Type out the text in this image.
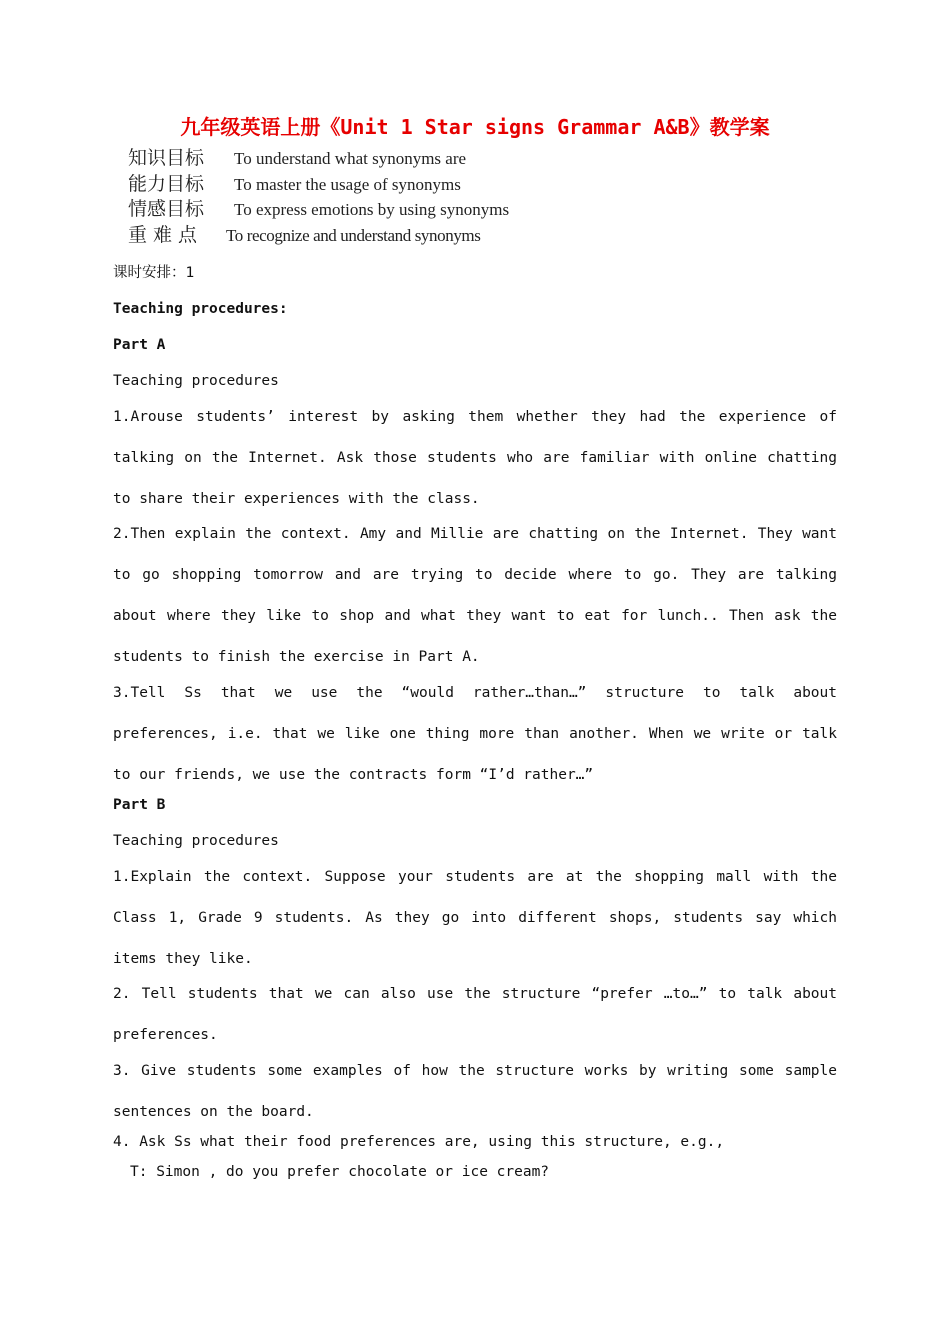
九年级英语上册《Unit 1 Star signs Grammar A&B》教学案
知识目标	To understand what synonyms are
能力目标	To master the usage of synonyms
情感目标	To express emotions by using synonyms
重难点	To recognize and understand synonyms
课时安排：1
Teaching procedures:
Part A
Teaching procedures

1.Arouse students’ interest by asking them whether they had the experience of talking on the Internet. Ask those students who are familiar with online chatting to share their experiences with the class.

2.Then explain the context. Amy and Millie are chatting on the Internet. They want to go shopping tomorrow and are trying to decide where to go. They are talking about where they like to shop and what they want to eat for lunch.. Then ask the students to finish the exercise in Part A.

3.Tell Ss that we use the “would rather…than…” structure to talk about preferences, i.e. that we like one thing more than another. When we write or talk to our friends, we use the contracts form “I’d rather…”

Part B
Teaching procedures

1.Explain the context. Suppose your students are at the shopping mall with the Class 1, Grade 9 students. As they go into different shops, students say which items they like.

2. Tell students that we can also use the structure “prefer …to…” to talk about preferences.

3. Give students some examples of how the structure works by writing some sample sentences on the board.

4. Ask Ss what their food preferences are, using this structure, e.g.,
T: Simon , do you prefer chocolate or ice cream?
